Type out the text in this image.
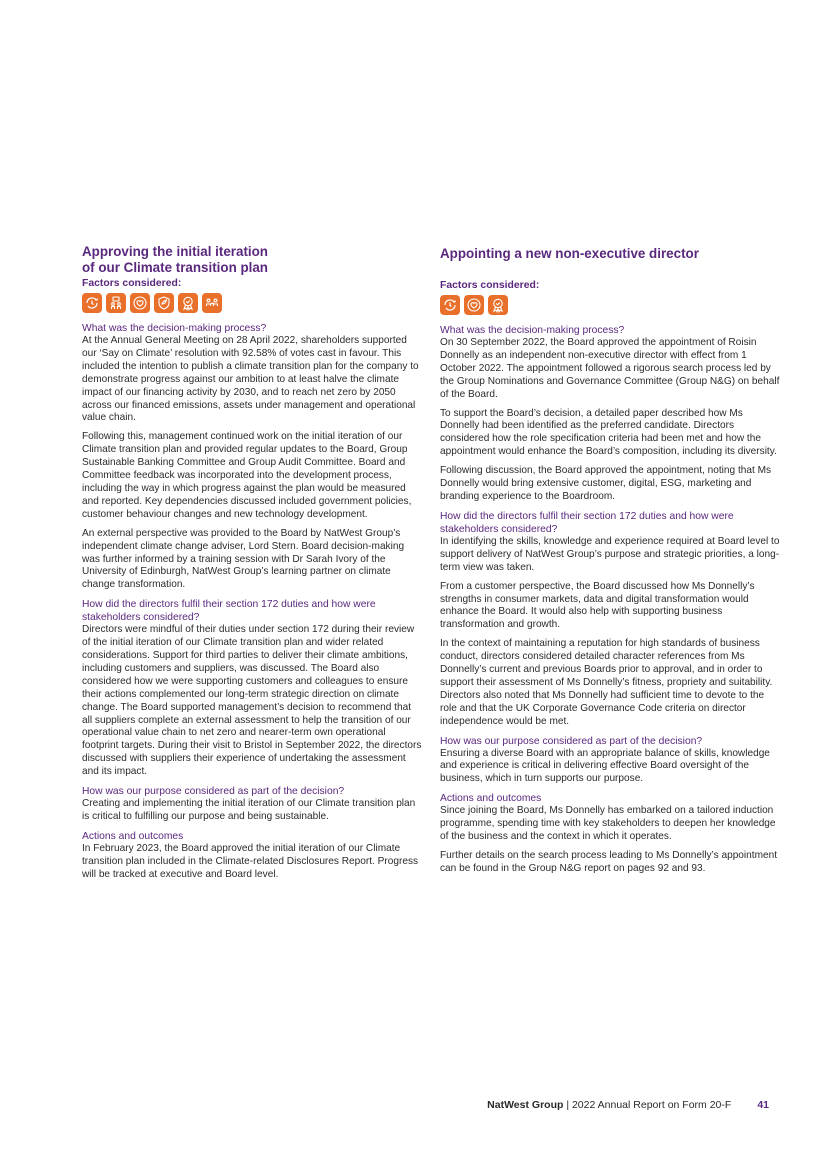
Approving the initial iteration of our Climate transition plan
Factors considered:
What was the decision-making process?

At the Annual General Meeting on 28 April 2022, shareholders supported our ‘Say on Climate’ resolution with 92.58% of votes cast in favour. This included the intention to publish a climate transition plan for the company to demonstrate progress against our ambition to at least halve the climate impact of our financing activity by 2030, and to reach net zero by 2050 across our financed emissions, assets under management and operational value chain.

Following this, management continued work on the initial iteration of our Climate transition plan and provided regular updates to the Board, Group Sustainable Banking Committee and Group Audit Committee. Board and Committee feedback was incorporated into the development process, including the way in which progress against the plan would be measured and reported. Key dependencies discussed included government policies, customer behaviour changes and new technology development.

An external perspective was provided to the Board by NatWest Group’s independent climate change adviser, Lord Stern. Board decision-making was further informed by a training session with Dr Sarah Ivory of the University of Edinburgh, NatWest Group’s learning partner on climate change transformation.

How did the directors fulfil their section 172 duties and how were stakeholders considered?

Directors were mindful of their duties under section 172 during their review of the initial iteration of our Climate transition plan and wider related considerations. Support for third parties to deliver their climate ambitions, including customers and suppliers, was discussed. The Board also considered how we were supporting customers and colleagues to ensure their actions complemented our long-term strategic direction on climate change. The Board supported management’s decision to recommend that all suppliers complete an external assessment to help the transition of our operational value chain to net zero and nearer-term own operational footprint targets. During their visit to Bristol in September 2022, the directors discussed with suppliers their experience of undertaking the assessment and its impact.

How was our purpose considered as part of the decision?

Creating and implementing the initial iteration of our Climate transition plan is critical to fulfilling our purpose and being sustainable.

Actions and outcomes

In February 2023, the Board approved the initial iteration of our Climate transition plan included in the Climate-related Disclosures Report. Progress will be tracked at executive and Board level.

Appointing a new non-executive director
Factors considered:
What was the decision-making process?

On 30 September 2022, the Board approved the appointment of Roisin Donnelly as an independent non-executive director with effect from 1 October 2022. The appointment followed a rigorous search process led by the Group Nominations and Governance Committee (Group N&G) on behalf of the Board.

To support the Board’s decision, a detailed paper described how Ms Donnelly had been identified as the preferred candidate. Directors considered how the role specification criteria had been met and how the appointment would enhance the Board’s composition, including its diversity.

Following discussion, the Board approved the appointment, noting that Ms Donnelly would bring extensive customer, digital, ESG, marketing and branding experience to the Boardroom.

How did the directors fulfil their section 172 duties and how were stakeholders considered?

In identifying the skills, knowledge and experience required at Board level to support delivery of NatWest Group’s purpose and strategic priorities, a long-term view was taken.

From a customer perspective, the Board discussed how Ms Donnelly’s strengths in consumer markets, data and digital transformation would enhance the Board. It would also help with supporting business transformation and growth.

In the context of maintaining a reputation for high standards of business conduct, directors considered detailed character references from Ms Donnelly’s current and previous Boards prior to approval, and in order to support their assessment of Ms Donnelly’s fitness, propriety and suitability. Directors also noted that Ms Donnelly had sufficient time to devote to the role and that the UK Corporate Governance Code criteria on director independence would be met.

How was our purpose considered as part of the decision?

Ensuring a diverse Board with an appropriate balance of skills, knowledge and experience is critical in delivering effective Board oversight of the business, which in turn supports our purpose.

Actions and outcomes

Since joining the Board, Ms Donnelly has embarked on a tailored induction programme, spending time with key stakeholders to deepen her knowledge of the business and the context in which it operates.

Further details on the search process leading to Ms Donnelly’s appointment can be found in the Group N&G report on pages 92 and 93.

NatWest Group | 2022 Annual Report on Form 20-F 41
